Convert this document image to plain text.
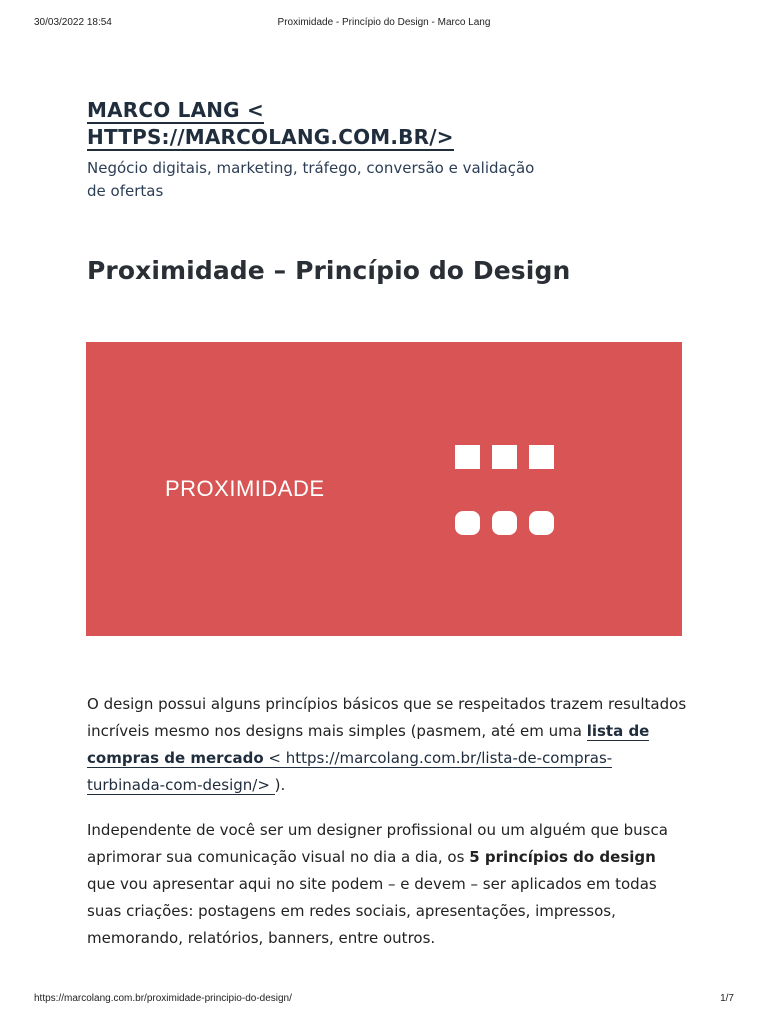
30/03/2022 18:54	Proximidade - Princípio do Design - Marco Lang
MARCO LANG <
HTTPS://MARCOLANG.COM.BR/>
Negócio digitais, marketing, tráfego, conversão e validação de ofertas
Proximidade – Princípio do Design
PROXIMIDADE
O design possui alguns princípios básicos que se respeitados trazem resultados incríveis mesmo nos designs mais simples (pasmem, até em uma lista de compras de mercado < https://marcolang.com.br/lista-de-compras-turbinada-com-design/> ).
Independente de você ser um designer profissional ou um alguém que busca aprimorar sua comunicação visual no dia a dia, os 5 princípios do design que vou apresentar aqui no site podem – e devem – ser aplicados em todas suas criações: postagens em redes sociais, apresentações, impressos, memorando, relatórios, banners, entre outros.
https://marcolang.com.br/proximidade-principio-do-design/	1/7
